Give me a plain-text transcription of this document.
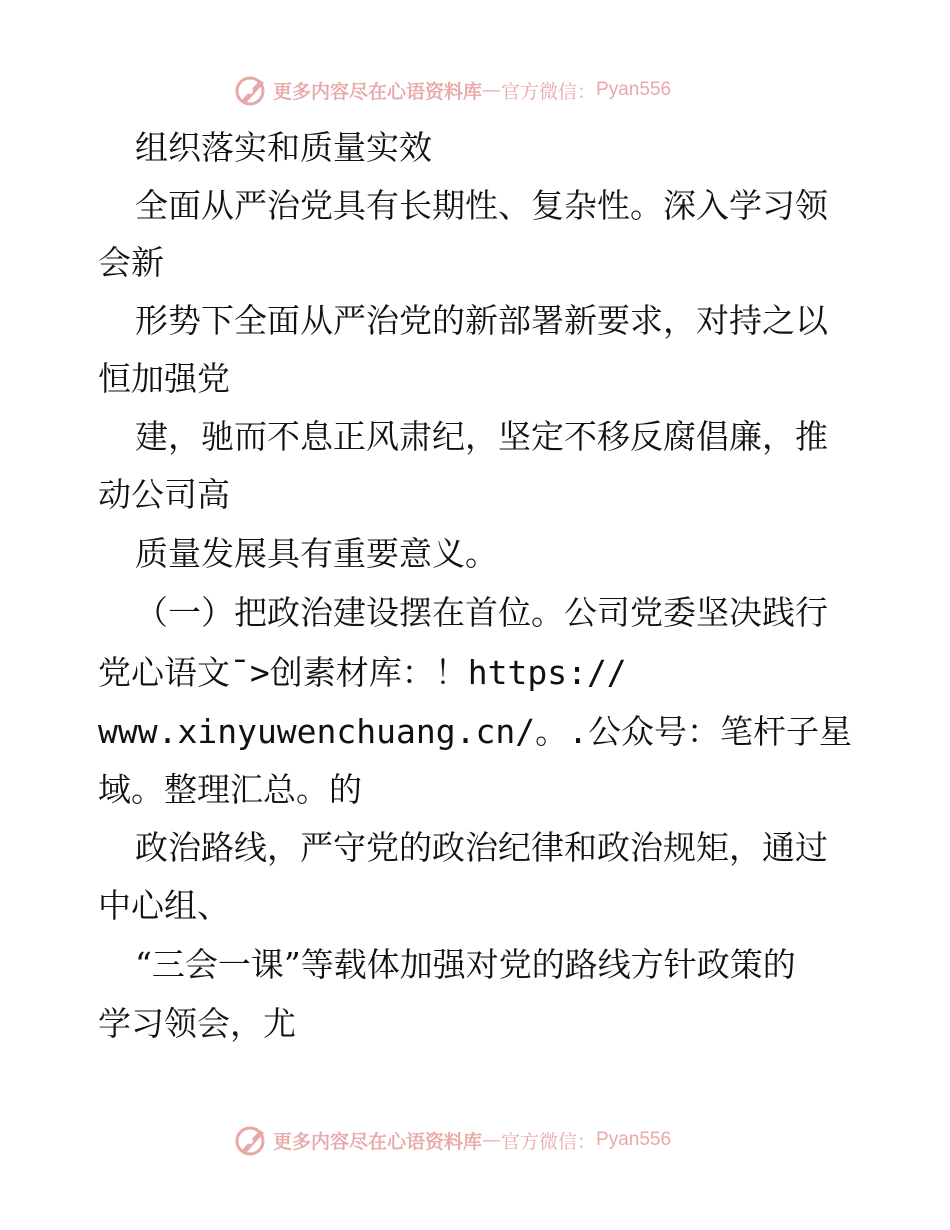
更多内容尽在心语资料库 — 官方微信： Pyan556
组织落实和质量实效
全面从严治党具有长期性、复杂性。深入学习领
会新
形势下全面从严治党的新部署新要求，对持之以
恒加强党
建，驰而不息正风肃纪，坚定不移反腐倡廉，推
动公司高
质量发展具有重要意义。
（一）把政治建设摆在首位。公司党委坚决践行
党心语文¯>创素材库：！https://
www.xinyuwenchuang.cn/。.公众号：笔杆子星
域。整理汇总。的
政治路线，严守党的政治纪律和政治规矩，通过
中心组、
“三会一课”等载体加强对党的路线方针政策的
学习领会，尤
更多内容尽在心语资料库 — 官方微信： Pyan556
